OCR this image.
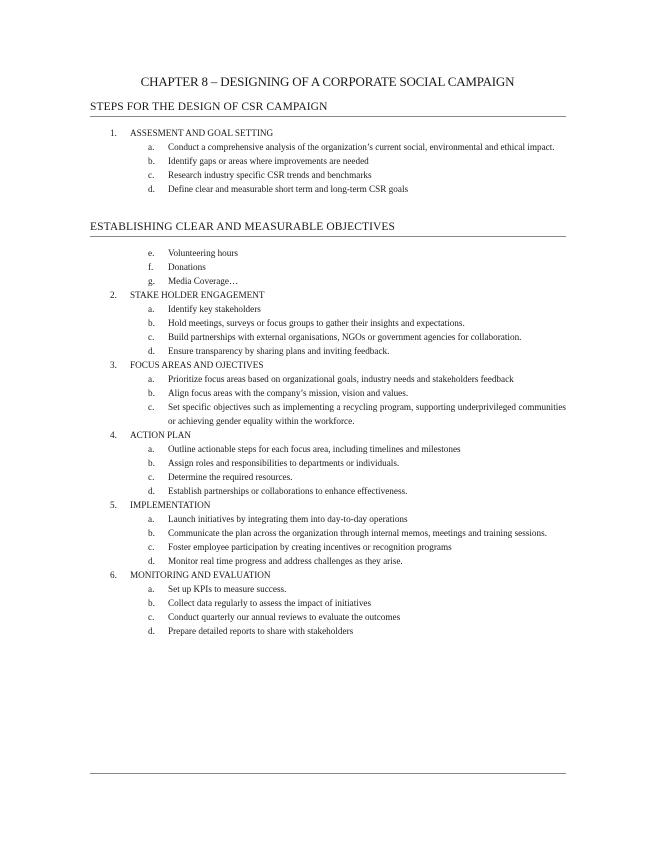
CHAPTER 8 – DESIGNING OF A CORPORATE SOCIAL CAMPAIGN
STEPS FOR THE DESIGN OF CSR CAMPAIGN
1. ASSESMENT AND GOAL SETTING
a. Conduct a comprehensive analysis of the organization’s current social, environmental and ethical impact.
b. Identify gaps or areas where improvements are needed
c. Research industry specific CSR trends and benchmarks
d. Define clear and measurable short term and long-term CSR goals
ESTABLISHING CLEAR AND MEASURABLE OBJECTIVES
e. Volunteering hours
f. Donations
g. Media Coverage…
2. STAKE HOLDER ENGAGEMENT
a. Identify key stakeholders
b. Hold meetings, surveys or focus groups to gather their insights and expectations.
c. Build partnerships with external organisations, NGOs or government agencies for collaboration.
d. Ensure transparency by sharing plans and inviting feedback.
3. FOCUS AREAS AND OJECTIVES
a. Prioritize focus areas based on organizational goals, industry needs and stakeholders feedback
b. Align focus areas with the company’s mission, vision and values.
c. Set specific objectives such as implementing a recycling program, supporting underprivileged communities or achieving gender equality within the workforce.
4. ACTION PLAN
a. Outline actionable steps for each focus area, including timelines and milestones
b. Assign roles and responsibilities to departments or individuals.
c. Determine the required resources.
d. Establish partnerships or collaborations to enhance effectiveness.
5. IMPLEMENTATION
a. Launch initiatives by integrating them into day-to-day operations
b. Communicate the plan across the organization through internal memos, meetings and training sessions.
c. Foster employee participation by creating incentives or recognition programs
d. Monitor real time progress and address challenges as they arise.
6. MONITORING AND EVALUATION
a. Set up KPIs to measure success.
b. Collect data regularly to assess the impact of initiatives
c. Conduct quarterly our annual reviews to evaluate the outcomes
d. Prepare detailed reports to share with stakeholders
